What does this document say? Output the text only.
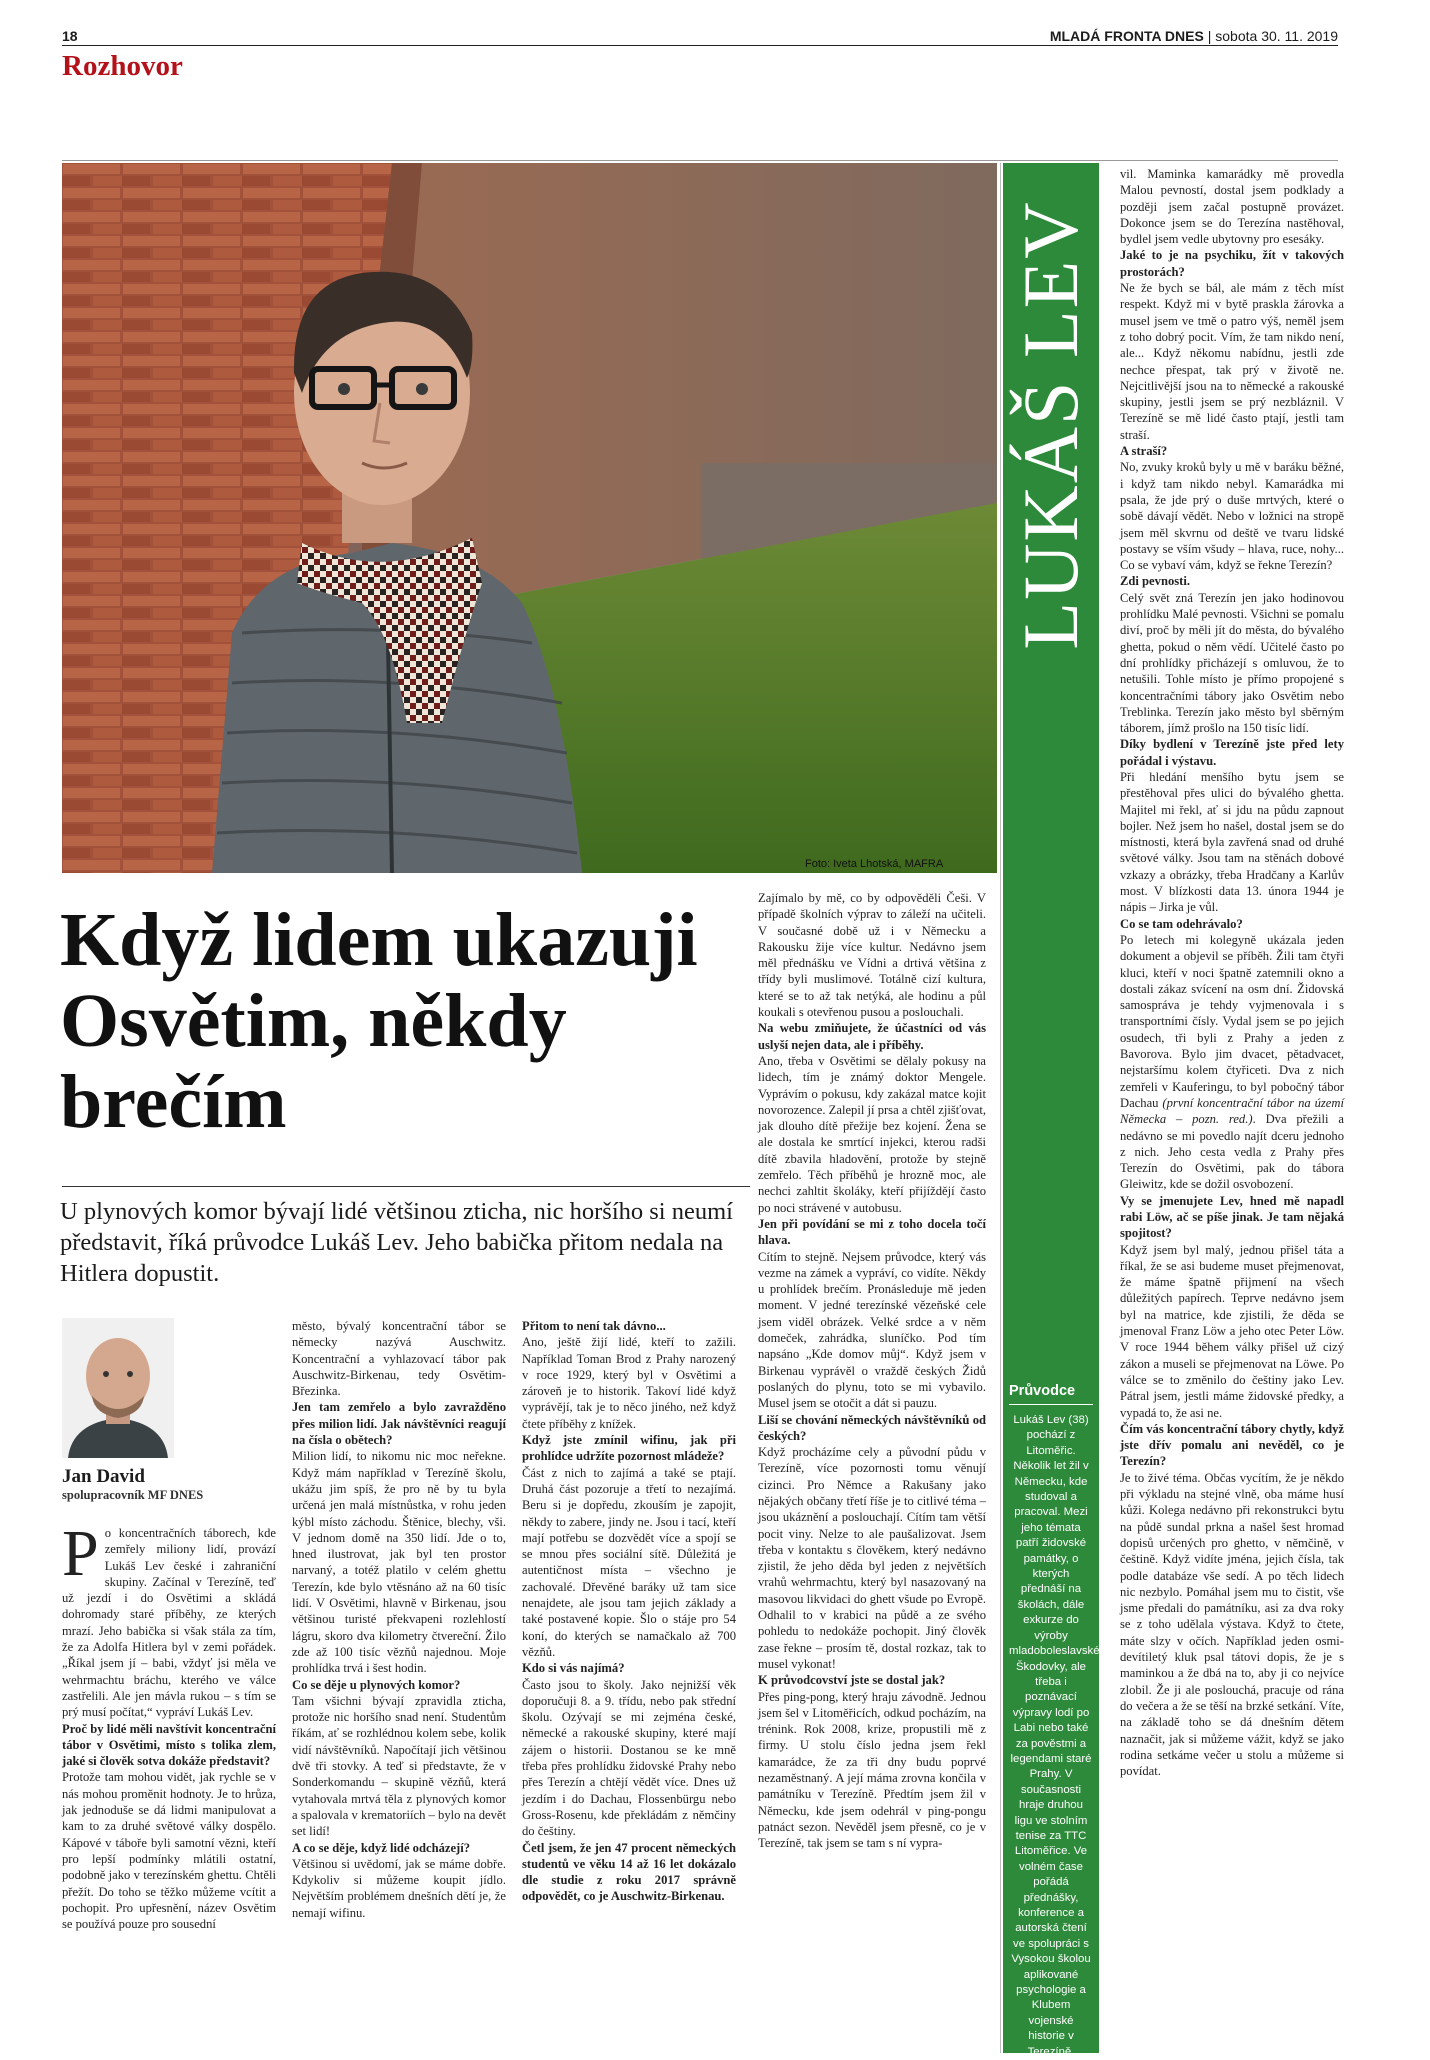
18	MLADÁ FRONTA DNES | sobota 30. 11. 2019
Rozhovor
Foto: Iveta Lhotská, MAFRA
LUKÁŠ LEV
Když lidem ukazuji Osvětim, někdy brečím
U plynových komor bývají lidé většinou zticha, nic horšího si neumí představit, říká průvodce Lukáš Lev. Jeho babička přitom nedala na Hitlera dopustit.
Jan David
spolupracovník MF DNES

Po koncentračních táborech, kde zemřely miliony lidí, provází Lukáš Lev české i zahraniční skupiny. Začínal v Terezíně, teď už jezdí i do Osvětimi a skládá dohromady staré příběhy, ze kterých mrazí. Jeho babička si však stála za tím, že za Adolfa Hitlera byl v zemi pořádek. „Říkal jsem jí – babi, vždyť jsi měla ve wehrmachtu bráchu, kterého ve válce zastřelili. Ale jen mávla rukou – s tím se prý musí počítat,“ vypráví Lukáš Lev.

Proč by lidé měli navštívit koncentrační tábor v Osvětimi, místo s tolika zlem, jaké si člověk sotva dokáže představit?

Protože tam mohou vidět, jak rychle se v nás mohou proměnit hodnoty. Je to hrůza, jak jednoduše se dá lidmi manipulovat a kam to za druhé světové války dospělo. Kápové v táboře byli samotní vězni, kteří pro lepší podmínky mlátili ostatní, podobně jako v terezínském ghettu. Chtěli přežít. Do toho se těžko můžeme vcítit a pochopit. Pro upřesnění, název Osvětim se používá pouze pro sousední

město, bývalý koncentrační tábor se německy nazývá Auschwitz. Koncentrační a vyhlazovací tábor pak Auschwitz-Birkenau, tedy Osvětim-Březinka.

Jen tam zemřelo a bylo zavražděno přes milion lidí. Jak návštěvníci reagují na čísla o obětech?

Milion lidí, to nikomu nic moc neřekne. Když mám například v Terezíně školu, ukážu jim spíš, že pro ně by tu byla určená jen malá místnůstka, v rohu jeden kýbl místo záchodu. Štěnice, blechy, vši. V jednom domě na 350 lidí. Jde o to, hned ilustrovat, jak byl ten prostor narvaný, a totéž platilo v celém ghettu Terezín, kde bylo vtěsnáno až na 60 tisíc lidí. V Osvětimi, hlavně v Birkenau, jsou většinou turisté překvapeni rozlehlostí lágru, skoro dva kilometry čtvereční. Žilo zde až 100 tisíc vězňů najednou. Moje prohlídka trvá i šest hodin.

Co se děje u plynových komor?

Tam všichni bývají zpravidla zticha, protože nic horšího snad není. Studentům říkám, ať se rozhlédnou kolem sebe, kolik vidí návštěvníků. Napočítají jich většinou dvě tři stovky. A teď si představte, že v Sonderkomandu – skupině vězňů, která vytahovala mrtvá těla z plynových komor a spalovala v krematoriích – bylo na devět set lidí!

A co se děje, když lidé odcházejí?

Většinou si uvědomí, jak se máme dobře. Kdykoliv si můžeme koupit jídlo. Největším problémem dnešních dětí je, že nemají wifinu.

Přitom to není tak dávno...

Ano, ještě žijí lidé, kteří to zažili. Například Toman Brod z Prahy narozený v roce 1929, který byl v Osvětimi a zároveň je to historik. Takoví lidé když vyprávějí, tak je to něco jiného, než když čtete příběhy z knížek.

Když jste zmínil wifinu, jak při prohlídce udržíte pozornost mládeže?

Část z nich to zajímá a také se ptají. Druhá část pozoruje a třetí to nezajímá. Beru si je dopředu, zkouším je zapojit, někdy to zabere, jindy ne. Jsou i tací, kteří mají potřebu se dozvědět více a spojí se se mnou přes sociální sítě. Důležitá je autentičnost místa – všechno je zachovalé. Dřevěné baráky už tam sice nenajdete, ale jsou tam jejich základy a také postavené kopie. Šlo o stáje pro 54 koní, do kterých se namačkalo až 700 vězňů.

Kdo si vás najímá?

Často jsou to školy. Jako nejnižší věk doporučuji 8. a 9. třídu, nebo pak střední školu. Ozývají se mi zejména české, německé a rakouské skupiny, které mají zájem o historii. Dostanou se ke mně třeba přes prohlídku židovské Prahy nebo přes Terezín a chtějí vědět více. Dnes už jezdím i do Dachau, Flossenbürgu nebo Gross-Rosenu, kde překládám z němčiny do češtiny.

Četl jsem, že jen 47 procent německých studentů ve věku 14 až 16 let dokázalo dle studie z roku 2017 správně odpovědět, co je Auschwitz-Birkenau.

Zajímalo by mě, co by odpověděli Češi. V případě školních výprav to záleží na učiteli. V současné době už i v Německu a Rakousku žije více kultur. Nedávno jsem měl přednášku ve Vídni a drtivá většina z třídy byli muslimové. Totálně cizí kultura, které se to až tak netýká, ale hodinu a půl koukali s otevřenou pusou a poslouchali.

Na webu zmiňujete, že účastníci od vás uslyší nejen data, ale i příběhy.

Ano, třeba v Osvětimi se dělaly pokusy na lidech, tím je známý doktor Mengele. Vyprávím o pokusu, kdy zakázal matce kojit novorozence. Zalepil jí prsa a chtěl zjišťovat, jak dlouho dítě přežije bez kojení. Žena se ale dostala ke smrtící injekci, kterou radši dítě zbavila hladovění, protože by stejně zemřelo. Těch příběhů je hrozně moc, ale nechci zahltit školáky, kteří přijíždějí často po noci strávené v autobusu.

Jen při povídání se mi z toho docela točí hlava.

Cítím to stejně. Nejsem průvodce, který vás vezme na zámek a vypráví, co vidíte. Někdy u prohlídek brečím. Pronásleduje mě jeden moment. V jedné terezínské vězeňské cele jsem viděl obrázek. Velké srdce a v něm domeček, zahrádka, sluníčko. Pod tím napsáno „Kde domov můj“. Když jsem v Birkenau vyprávěl o vraždě českých Židů poslaných do plynu, toto se mi vybavilo. Musel jsem se otočit a dát si pauzu.

Liší se chování německých návštěvníků od českých?

Když procházíme cely a původní půdu v Terezíně, více pozornosti tomu věnují cizinci. Pro Němce a Rakušany jako nějakých občany třetí říše je to citlivé téma – jsou ukáznění a poslouchají. Cítím tam větší pocit viny. Nelze to ale paušalizovat. Jsem třeba v kontaktu s člověkem, který nedávno zjistil, že jeho děda byl jeden z největších vrahů wehrmachtu, který byl nasazovaný na masovou likvidaci do ghett všude po Evropě. Odhalil to v krabici na půdě a ze svého pohledu to nedokáže pochopit. Jiný člověk zase řekne – prosím tě, dostal rozkaz, tak to musel vykonat!

K průvodcovství jste se dostal jak?

Přes ping-pong, který hraju závodně. Jednou jsem šel v Litoměřicích, odkud pocházím, na trénink. Rok 2008, krize, propustili mě z firmy. U stolu číslo jedna jsem řekl kamarádce, že za tři dny budu poprvé nezaměstnaný. A její máma zrovna končila v památníku v Terezíně. Předtím jsem žil v Německu, kde jsem odehrál v ping-pongu patnáct sezon. Nevěděl jsem přesně, co je v Terezíně, tak jsem se tam s ní vypra-

Průvodce
Lukáš Lev (38) pochází z Litoměřic. Několik let žil v Německu, kde studoval a pracoval. Mezi jeho témata patří židovské památky, o kterých přednáší na školách, dále exkurze do výroby mladoboleslavské Škodovky, ale třeba i poznávací výpravy lodí po Labi nebo také za pověstmi a legendami staré Prahy. V současnosti hraje druhou ligu ve stolním tenise za TTC Litoměřice. Ve volném čase pořádá přednášky, konference a autorská čtení ve spolupráci s Vysokou školou aplikované psychologie a Klubem vojenské historie v Terezíně.

vil. Maminka kamarádky mě provedla Malou pevností, dostal jsem podklady a později jsem začal postupně provázet. Dokonce jsem se do Terezína nastěhoval, bydlel jsem vedle ubytovny pro esesáky.

Jaké to je na psychiku, žít v takových prostorách?

Ne že bych se bál, ale mám z těch míst respekt. Když mi v bytě praskla žárovka a musel jsem ve tmě o patro výš, neměl jsem z toho dobrý pocit. Vím, že tam nikdo není, ale... Když někomu nabídnu, jestli zde nechce přespat, tak prý v životě ne. Nejcitlivější jsou na to německé a rakouské skupiny, jestli jsem se prý nezbláznil. V Terezíně se mě lidé často ptají, jestli tam straší.

A straší?

No, zvuky kroků byly u mě v baráku běžné, i když tam nikdo nebyl. Kamarádka mi psala, že jde prý o duše mrtvých, které o sobě dávají vědět. Nebo v ložnici na stropě jsem měl skvrnu od deště ve tvaru lidské postavy se vším všudy – hlava, ruce, nohy... Co se vybaví vám, když se řekne Terezín?

Zdi pevnosti.

Celý svět zná Terezín jen jako hodinovou prohlídku Malé pevnosti. Všichni se pomalu diví, proč by měli jít do města, do bývalého ghetta, pokud o něm vědí. Učitelé často po dní prohlídky přicházejí s omluvou, že to netušili. Tohle místo je přímo propojené s koncentračními tábory jako Osvětim nebo Treblinka. Terezín jako město byl sběrným táborem, jímž prošlo na 150 tisíc lidí.

Díky bydlení v Terezíně jste před lety pořádal i výstavu.

Při hledání menšího bytu jsem se přestěhoval přes ulici do bývalého ghetta. Majitel mi řekl, ať si jdu na půdu zapnout bojler. Než jsem ho našel, dostal jsem se do místnosti, která byla zavřená snad od druhé světové války. Jsou tam na stěnách dobové vzkazy a obrázky, třeba Hradčany a Karlův most. V blízkosti data 13. února 1944 je nápis – Jirka je vůl.

Co se tam odehrávalo?

Po letech mi kolegyně ukázala jeden dokument a objevil se příběh. Žili tam čtyři kluci, kteří v noci špatně zatemnili okno a dostali zákaz svícení na osm dní. Židovská samospráva je tehdy vyjmenovala i s transportními čísly. Vydal jsem se po jejich osudech, tři byli z Prahy a jeden z Bavorova. Bylo jim dvacet, pětadvacet, nejstaršímu kolem čtyřiceti. Dva z nich zemřeli v Kauferingu, to byl pobočný tábor Dachau (první koncentrační tábor na území Německa – pozn. red.). Dva přežili a nedávno se mi povedlo najít dceru jednoho z nich. Jeho cesta vedla z Prahy přes Terezín do Osvětimi, pak do tábora Gleiwitz, kde se dožil osvobození.

Vy se jmenujete Lev, hned mě napadl rabi Löw, ač se píše jinak. Je tam nějaká spojitost?

Když jsem byl malý, jednou přišel táta a říkal, že se asi budeme muset přejmenovat, že máme špatně přijmení na všech důležitých papírech. Teprve nedávno jsem byl na matrice, kde zjistili, že děda se jmenoval Franz Löw a jeho otec Peter Löw. V roce 1944 během války přišel už cizý zákon a museli se přejmenovat na Löwe. Po válce se to změnilo do češtiny jako Lev. Pátral jsem, jestli máme židovské předky, a vypadá to, že asi ne.

Čím vás koncentrační tábory chytly, když jste dřív pomalu ani nevěděl, co je Terezín?

Je to živé téma. Občas vycítím, že je někdo při výkladu na stejné vlně, oba máme husí kůži. Kolega nedávno při rekonstrukci bytu na půdě sundal prkna a našel šest hromad dopisů určených pro ghetto, v němčině, v češtině. Když vidíte jména, jejich čísla, tak podle databáze vše sedí. A po těch lidech nic nezbylo. Pomáhal jsem mu to čistit, vše jsme předali do památníku, asi za dva roky se z toho udělala výstava. Když to čtete, máte slzy v očích. Například jeden osmi- devítiletý kluk psal tátovi dopis, že je s maminkou a že dbá na to, aby ji co nejvíce zlobil. Že ji ale poslouchá, pracuje od rána do večera a že se těší na brzké setkání. Víte, na základě toho se dá dnešním dětem naznačit, jak si můžeme vážit, když se jako rodina setkáme večer u stolu a můžeme si povídat.
